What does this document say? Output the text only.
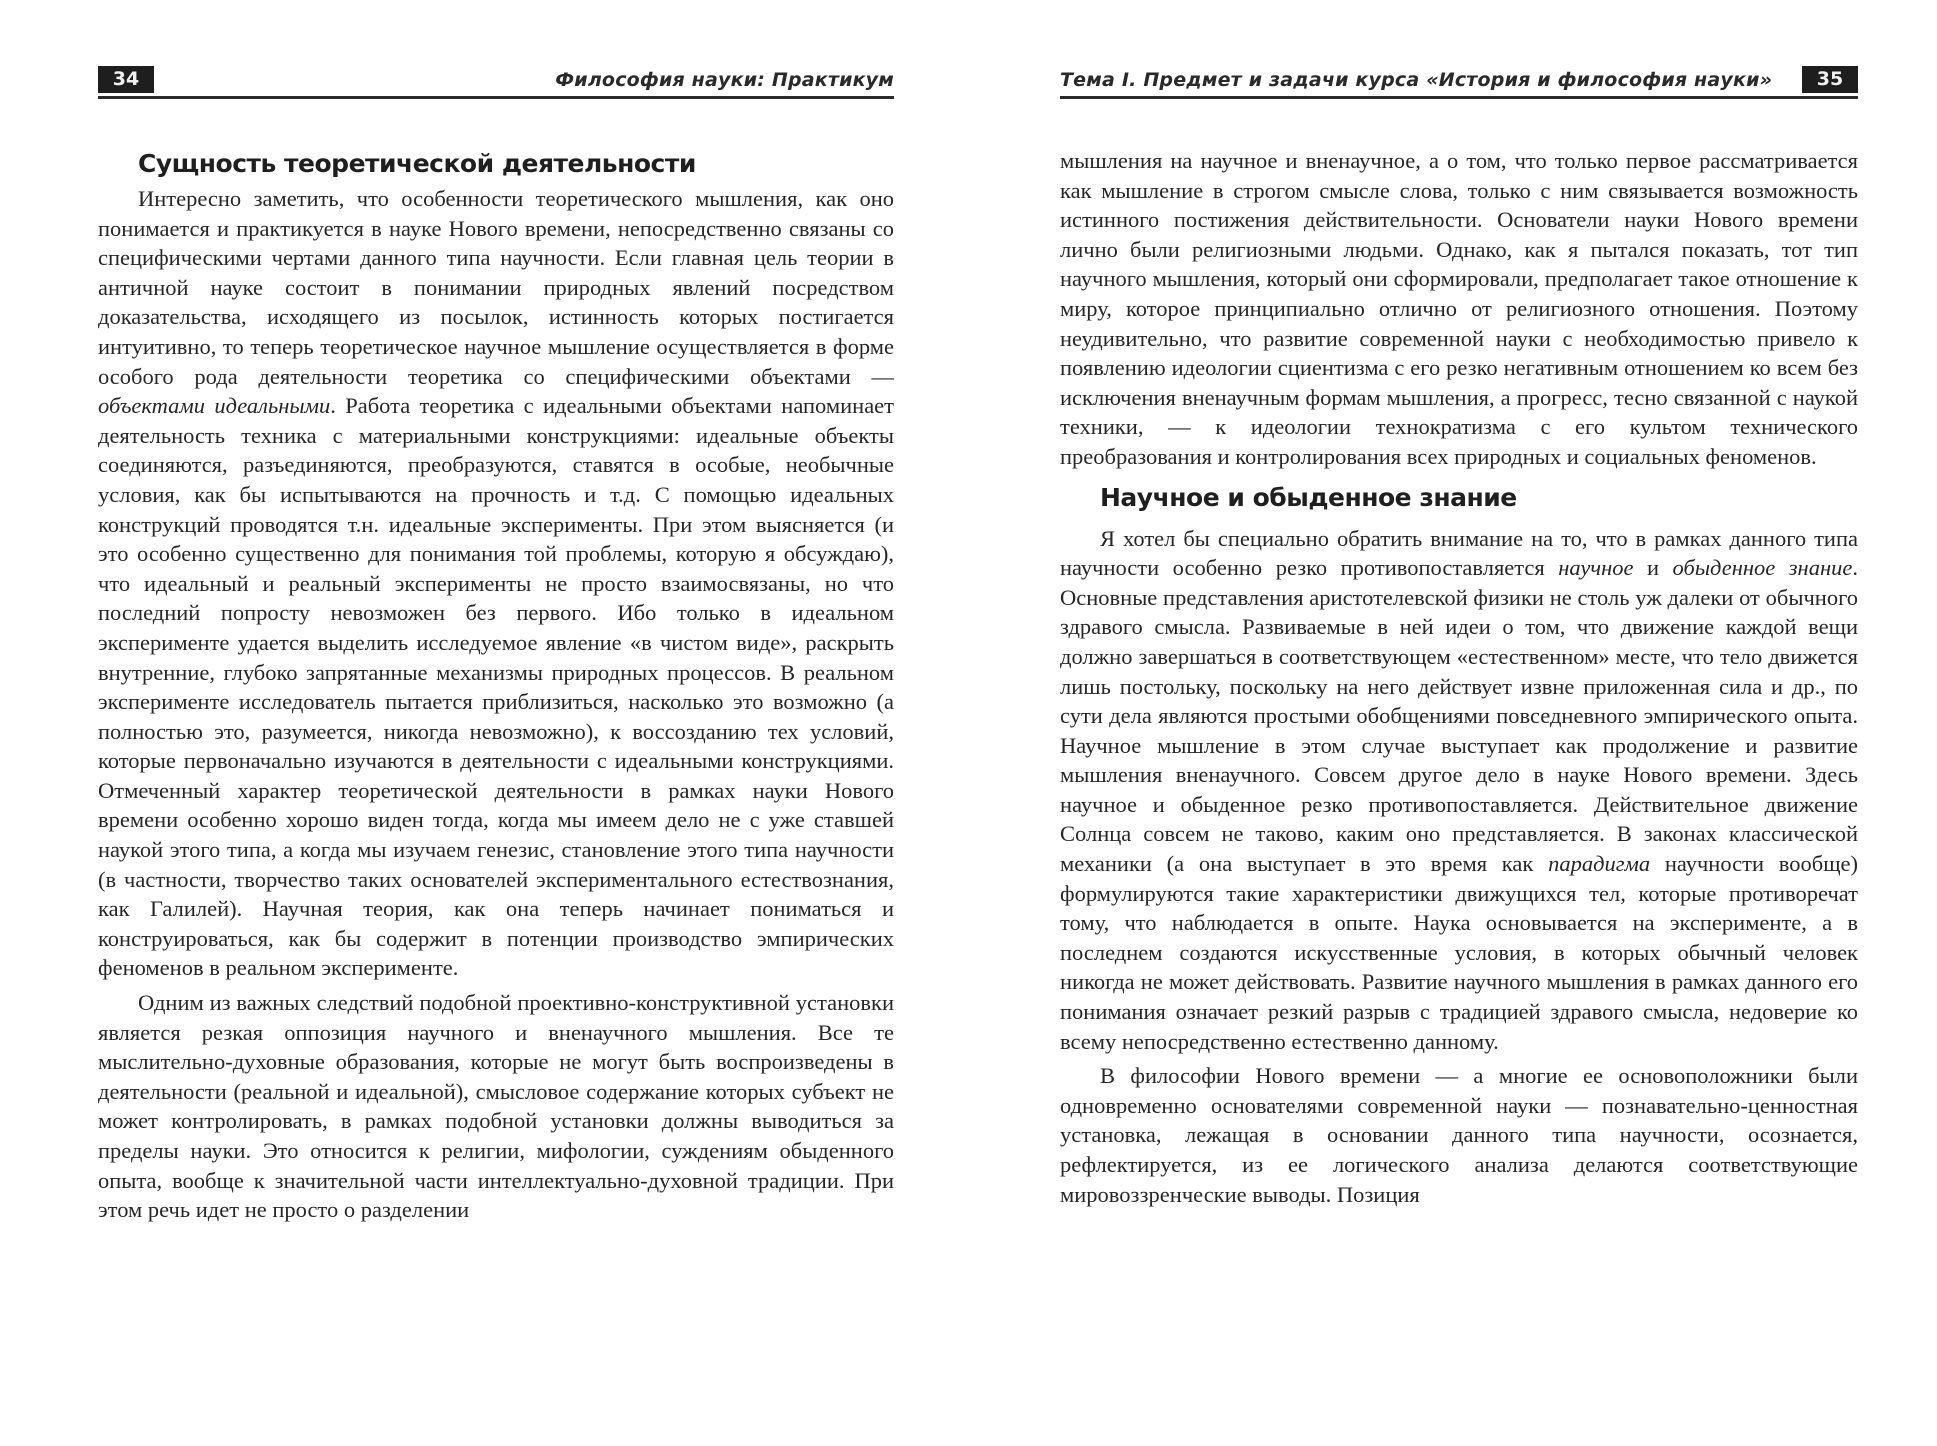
34	Философия науки: Практикум
Сущность теоретической деятельности

Интересно заметить, что особенности теоретического мышления, как оно понимается и практикуется в науке Нового времени, непосредственно связаны со специфическими чертами данного типа научности. Если главная цель теории в античной науке состоит в понимании природных явлений посредством доказательства, исходящего из посылок, истинность которых постигается интуитивно, то теперь теоретическое научное мышление осуществляется в форме особого рода деятельности теоретика со специфическими объектами — объектами идеальными. Работа теоретика с идеальными объектами напоминает деятельность техника с материальными конструкциями: идеальные объекты соединяются, разъединяются, преобразуются, ставятся в особые, необычные условия, как бы испытываются на прочность и т.д. С помощью идеальных конструкций проводятся т.н. идеальные эксперименты. При этом выясняется (и это особенно существенно для понимания той проблемы, которую я обсуждаю), что идеальный и реальный эксперименты не просто взаимосвязаны, но что последний попросту невозможен без первого. Ибо только в идеальном эксперименте удается выделить исследуемое явление «в чистом виде», раскрыть внутренние, глубоко запрятанные механизмы природных процессов. В реальном эксперименте исследователь пытается приблизиться, насколько это возможно (а полностью это, разумеется, никогда невозможно), к воссозданию тех условий, которые первоначально изучаются в деятельности с идеальными конструкциями. Отмеченный характер теоретической деятельности в рамках науки Нового времени особенно хорошо виден тогда, когда мы имеем дело не с уже ставшей наукой этого типа, а когда мы изучаем генезис, становление этого типа научности (в частности, творчество таких основателей экспериментального естествознания, как Галилей). Научная теория, как она теперь начинает пониматься и конструироваться, как бы содержит в потенции производство эмпирических феноменов в реальном эксперименте.

Одним из важных следствий подобной проективно-конструктивной установки является резкая оппозиция научного и вненаучного мышления. Все те мыслительно-духовные образования, которые не могут быть воспроизведены в деятельности (реальной и идеальной), смысловое содержание которых субъект не может контролировать, в рамках подобной установки должны выводиться за пределы науки. Это относится к религии, мифологии, суждениям обыденного опыта, вообще к значительной части интеллектуально-духовной традиции. При этом речь идет не просто о разделении

Тема I. Предмет и задачи курса «История и философия науки»	35

мышления на научное и вненаучное, а о том, что только первое рассматривается как мышление в строгом смысле слова, только с ним связывается возможность истинного постижения действительности. Основатели науки Нового времени лично были религиозными людьми. Однако, как я пытался показать, тот тип научного мышления, который они сформировали, предполагает такое отношение к миру, которое принципиально отлично от религиозного отношения. Поэтому неудивительно, что развитие современной науки с необходимостью привело к появлению идеологии сциентизма с его резко негативным отношением ко всем без исключения вненаучным формам мышления, а прогресс, тесно связанной с наукой техники, — к идеологии технократизма с его культом технического преобразования и контролирования всех природных и социальных феноменов.

Научное и обыденное знание

Я хотел бы специально обратить внимание на то, что в рамках данного типа научности особенно резко противопоставляется научное и обыденное знание. Основные представления аристотелевской физики не столь уж далеки от обычного здравого смысла. Развиваемые в ней идеи о том, что движение каждой вещи должно завершаться в соответствующем «естественном» месте, что тело движется лишь постольку, поскольку на него действует извне приложенная сила и др., по сути дела являются простыми обобщениями повседневного эмпирического опыта. Научное мышление в этом случае выступает как продолжение и развитие мышления вненаучного. Совсем другое дело в науке Нового времени. Здесь научное и обыденное резко противопоставляется. Действительное движение Солнца совсем не таково, каким оно представляется. В законах классической механики (а она выступает в это время как парадигма научности вообще) формулируются такие характеристики движущихся тел, которые противоречат тому, что наблюдается в опыте. Наука основывается на эксперименте, а в последнем создаются искусственные условия, в которых обычный человек никогда не может действовать. Развитие научного мышления в рамках данного его понимания означает резкий разрыв с традицией здравого смысла, недоверие ко всему непосредственно естественно данному.

В философии Нового времени — а многие ее основоположники были одновременно основателями современной науки — познавательно-ценностная установка, лежащая в основании данного типа научности, осознается, рефлектируется, из ее логического анализа делаются соответствующие мировоззренческие выводы. Позиция
